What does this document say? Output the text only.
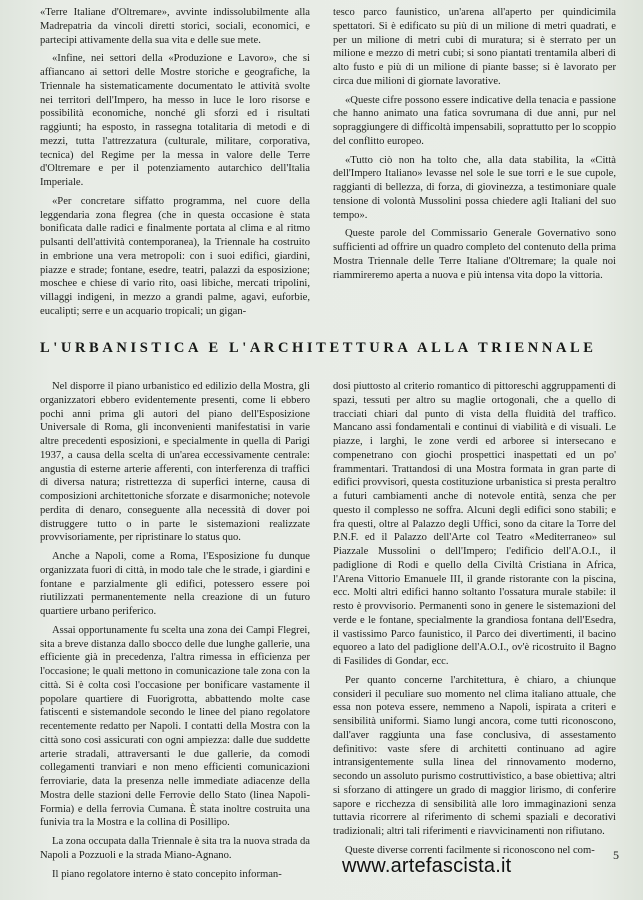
«Terre Italiane d'Oltremare», avvinte indissolubilmente alla Madrepatria da vincoli diretti storici, sociali, economici, e partecipi attivamente della sua vita e delle sue mete.

«Infine, nei settori della «Produzione e Lavoro», che si affiancano ai settori delle Mostre storiche e geografiche, la Triennale ha sistematicamente documentato le attività svolte nei territori dell'Impero, ha messo in luce le loro risorse e possibilità economiche, nonché gli sforzi ed i risultati raggiunti; ha esposto, in rassegna totalitaria di metodi e di mezzi, tutta l'attrezzatura (culturale, militare, corporativa, tecnica) del Regime per la messa in valore delle Terre d'Oltremare e per il potenziamento autarchico dell'Italia Imperiale.

«Per concretare siffatto programma, nel cuore della leggendaria zona flegrea (che in questa occasione è stata bonificata dalle radici e finalmente portata al clima e al ritmo pulsanti dell'attività contemporanea), la Triennale ha costruito in embrione una vera metropoli: con i suoi edifici, giardini, piazze e strade; fontane, esedre, teatri, palazzi da esposizione; moschee e chiese di vario rito, oasi libiche, mercati tripolini, villaggi indigeni, in mezzo a grandi palme, agavi, euforbie, eucalipti; serre e un acquario tropicali; un gigan-

tesco parco faunistico, un'arena all'aperto per quindicimila spettatori. Si è edificato su più di un milione di metri quadrati, e per un milione di metri cubi di muratura; si è sterrato per un milione e mezzo di metri cubi; si sono piantati trentamila alberi di alto fusto e più di un milione di piante basse; si è lavorato per circa due milioni di giornate lavorative.

«Queste cifre possono essere indicative della tenacia e passione che hanno animato una fatica sovrumana di due anni, pur nel sopraggiungere di difficoltà impensabili, soprattutto per lo scoppio del conflitto europeo.

«Tutto ciò non ha tolto che, alla data stabilita, la «Città dell'Impero Italiano» levasse nel sole le sue torri e le sue cupole, raggianti di bellezza, di forza, di giovinezza, a testimoniare quale tensione di volontà Mussolini possa chiedere agli Italiani del suo tempo».

Queste parole del Commissario Generale Governativo sono sufficienti ad offrire un quadro completo del contenuto della prima Mostra Triennale delle Terre Italiane d'Oltremare; la quale noi riammireremo aperta a nuova e più intensa vita dopo la vittoria.

L'URBANISTICA E L'ARCHITETTURA ALLA TRIENNALE

Nel disporre il piano urbanistico ed edilizio della Mostra, gli organizzatori ebbero evidentemente presenti, come li ebbero pochi anni prima gli autori del piano dell'Esposizione Universale di Roma, gli inconvenienti manifestatisi in varie altre precedenti esposizioni, e specialmente in quella di Parigi 1937, a causa della scelta di un'area eccessivamente centrale: angustia di esterne arterie afferenti, con interferenza di traffici di diversa natura; ristrettezza di superfici interne, causa di composizioni architettoniche sforzate e disarmoniche; notevole perdita di denaro, conseguente alla necessità di dover poi distruggere tutto o in parte le sistemazioni realizzate provvisoriamente, per ripristinare lo status quo.

Anche a Napoli, come a Roma, l'Esposizione fu dunque organizzata fuori di città, in modo tale che le strade, i giardini e fontane e parzialmente gli edifici, potessero essere poi riutilizzati permanentemente nella creazione di un futuro quartiere urbano periferico.

Assai opportunamente fu scelta una zona dei Campi Flegrei, sita a breve distanza dallo sbocco delle due lunghe gallerie, una efficiente già in precedenza, l'altra rimessa in efficienza per l'occasione; le quali mettono in comunicazione tale zona con la città. Si è colta così l'occasione per bonificare vastamente il popolare quartiere di Fuorigrotta, abbattendo molte case fatiscenti e sistemandole secondo le linee del piano regolatore recentemente redatto per Napoli. I contatti della Mostra con la città sono così assicurati con ogni ampiezza: dalle due suddette arterie stradali, attraversanti le due gallerie, da comodi collegamenti tranviari e non meno efficienti comunicazioni ferroviarie, data la presenza nelle immediate adiacenze della Mostra delle stazioni delle Ferrovie dello Stato (linea Napoli-Formia) e della ferrovia Cumana. È stata inoltre costruita una funivia tra la Mostra e la collina di Posillipo.

La zona occupata dalla Triennale è sita tra la nuova strada da Napoli a Pozzuoli e la strada Miano-Agnano.

Il piano regolatore interno è stato concepito informan-

dosi piuttosto al criterio romantico di pittoreschi aggruppamenti di spazi, tessuti per altro su maglie ortogonali, che a quello di tracciati chiari dal punto di vista della fluidità del traffico. Mancano assi fondamentali e continui di viabilità e di visuali. Le piazze, i larghi, le zone verdi ed arboree si intersecano e compenetrano con giochi prospettici inaspettati ed un po' frammentari. Trattandosi di una Mostra formata in gran parte di edifici provvisori, questa costituzione urbanistica si presta peraltro a futuri cambiamenti anche di notevole entità, senza che per questo il complesso ne soffra. Alcuni degli edifici sono stabili; e fra questi, oltre al Palazzo degli Uffici, sono da citare la Torre del P.N.F. ed il Palazzo dell'Arte col Teatro «Mediterraneo» sul Piazzale Mussolini o dell'Impero; l'edificio dell'A.O.I., il padiglione di Rodi e quello della Civiltà Cristiana in Africa, l'Arena Vittorio Emanuele III, il grande ristorante con la piscina, ecc. Molti altri edifici hanno soltanto l'ossatura murale stabile: il resto è provvisorio. Permanenti sono in genere le sistemazioni del verde e le fontane, specialmente la grandiosa fontana dell'Esedra, il vastissimo Parco faunistico, il Parco dei divertimenti, il bacino equoreo a lato del padiglione dell'A.O.I., ov'è ricostruito il Bagno di Fasilides di Gondar, ecc.

Per quanto concerne l'architettura, è chiaro, a chiunque consideri il peculiare suo momento nel clima italiano attuale, che essa non poteva essere, nemmeno a Napoli, ispirata a criteri e sensibilità uniformi. Siamo lungi ancora, come tutti riconoscono, dall'aver raggiunta una fase conclusiva, di assestamento definitivo: vaste sfere di architetti continuano ad agire intransigentemente sulla linea del rinnovamento moderno, secondo un assoluto purismo costruttivistico, a base obiettiva; altri si sforzano di attingere un grado di maggior lirismo, di conferire sapore e ricchezza di sensibilità alle loro immaginazioni senza tuttavia ricorrere al riferimento di schemi spaziali e decorativi tradizionali; altri tali riferimenti e riavvicinamenti non rifiutano.

Queste diverse correnti facilmente si riconoscono nel com-	5
www.artefascista.it
